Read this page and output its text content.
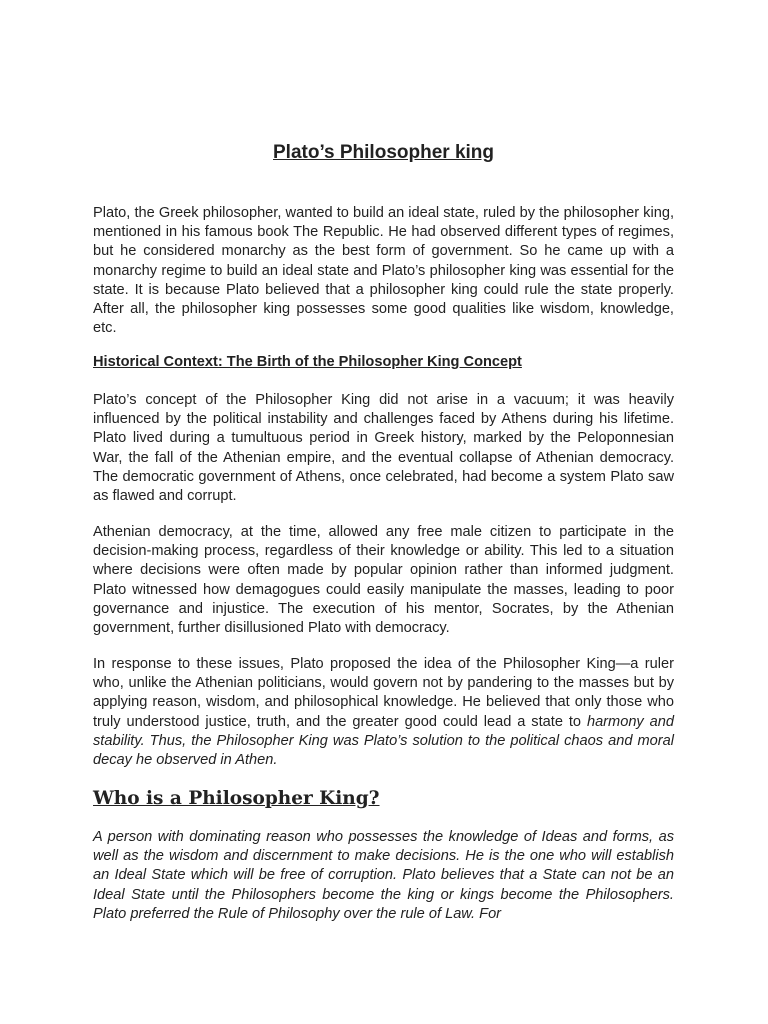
Plato’s Philosopher king

Plato, the Greek philosopher, wanted to build an ideal state, ruled by the philosopher king, mentioned in his famous book The Republic. He had observed different types of regimes, but he considered monarchy as the best form of government. So he came up with a monarchy regime to build an ideal state and Plato’s philosopher king was essential for the state. It is because Plato believed that a philosopher king could rule the state properly. After all, the philosopher king possesses some good qualities like wisdom, knowledge, etc.

Historical Context: The Birth of the Philosopher King Concept

Plato’s concept of the Philosopher King did not arise in a vacuum; it was heavily influenced by the political instability and challenges faced by Athens during his lifetime. Plato lived during a tumultuous period in Greek history, marked by the Peloponnesian War, the fall of the Athenian empire, and the eventual collapse of Athenian democracy. The democratic government of Athens, once celebrated, had become a system Plato saw as flawed and corrupt.

Athenian democracy, at the time, allowed any free male citizen to participate in the decision-making process, regardless of their knowledge or ability. This led to a situation where decisions were often made by popular opinion rather than informed judgment. Plato witnessed how demagogues could easily manipulate the masses, leading to poor governance and injustice. The execution of his mentor, Socrates, by the Athenian government, further disillusioned Plato with democracy.

In response to these issues, Plato proposed the idea of the Philosopher King—a ruler who, unlike the Athenian politicians, would govern not by pandering to the masses but by applying reason, wisdom, and philosophical knowledge. He believed that only those who truly understood justice, truth, and the greater good could lead a state to harmony and stability. Thus, the Philosopher King was Plato’s solution to the political chaos and moral decay he observed in Athen.

Who is a Philosopher King?

A person with dominating reason who possesses the knowledge of Ideas and forms, as well as the wisdom and discernment to make decisions. He is the one who will establish an Ideal State which will be free of corruption. Plato believes that a State can not be an Ideal State until the Philosophers become the king or kings become the Philosophers. Plato preferred the Rule of Philosophy over the rule of Law. For
